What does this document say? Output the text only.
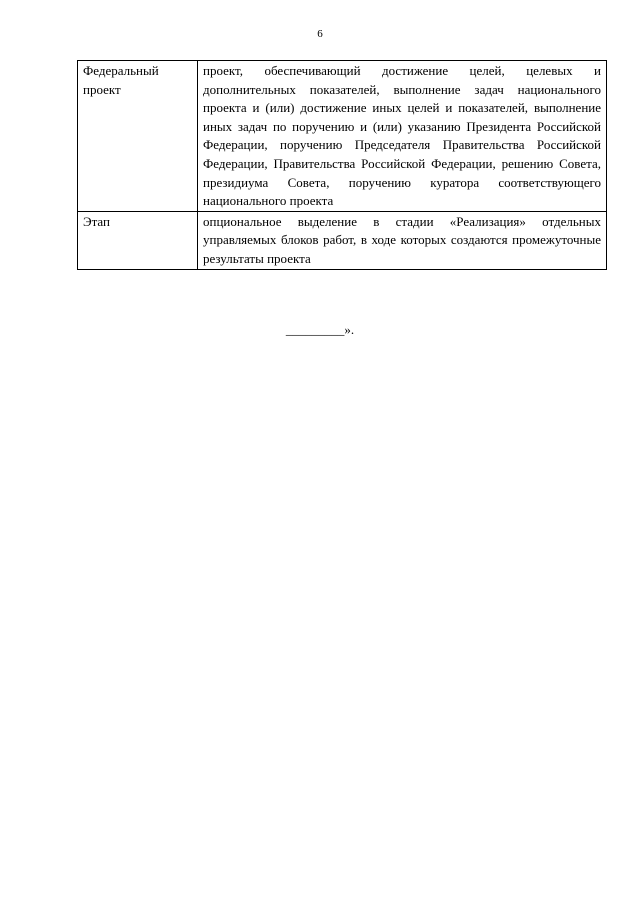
6
Федеральный проект	проект, обеспечивающий достижение целей, целевых и дополнительных показателей, выполнение задач национального проекта и (или) достижение иных целей и показателей, выполнение иных задач по поручению и (или) указанию Президента Российской Федерации, поручению Председателя Правительства Российской Федерации, Правительства Российской Федерации, решению Совета, президиума Совета, поручению куратора соответствующего национального проекта
Этап	опциональное выделение в стадии «Реализация» отдельных управляемых блоков работ, в ходе которых создаются промежуточные результаты проекта
_________».
